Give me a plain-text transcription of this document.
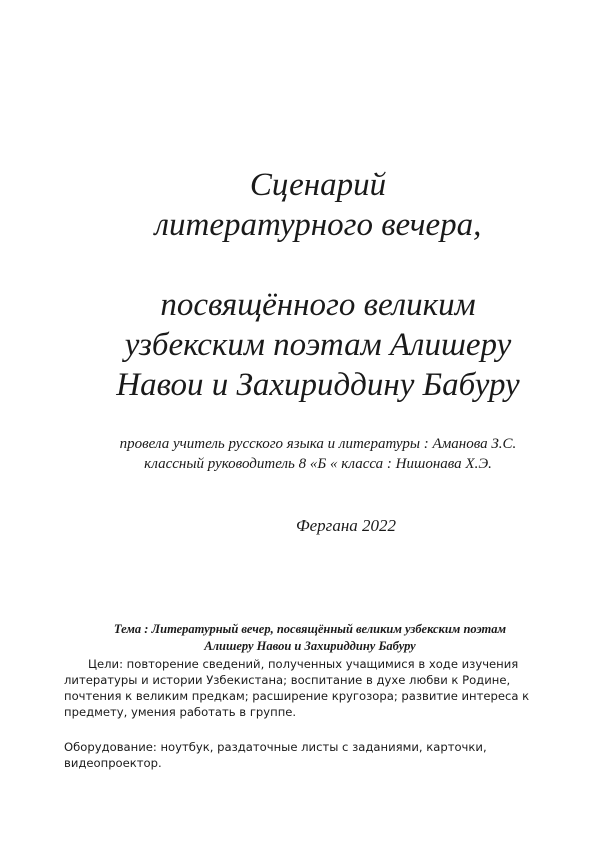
Сценарий
литературного вечера,
посвящённого великим
узбекским поэтам Алишеру
Навои и Захириддину Бабуру
провела учитель русского языка и литературы : Аманова З.С.
классный руководитель 8 «Б « класса : Нишонава Х.Э.
Фергана 2022
Тема : Литературный вечер, посвящённый великим узбекским поэтам
Алишеру Навои и Захириддину Бабуру
Цели: повторение сведений, полученных учащимися в ходе изучения
литературы и истории Узбекистана; воспитание в духе любви к Родине,
почтения к великим предкам; расширение кругозора; развитие интереса к
предмету, умения работать в группе.
Оборудование: ноутбук, раздаточные листы с заданиями, карточки,
видеопроектор.
